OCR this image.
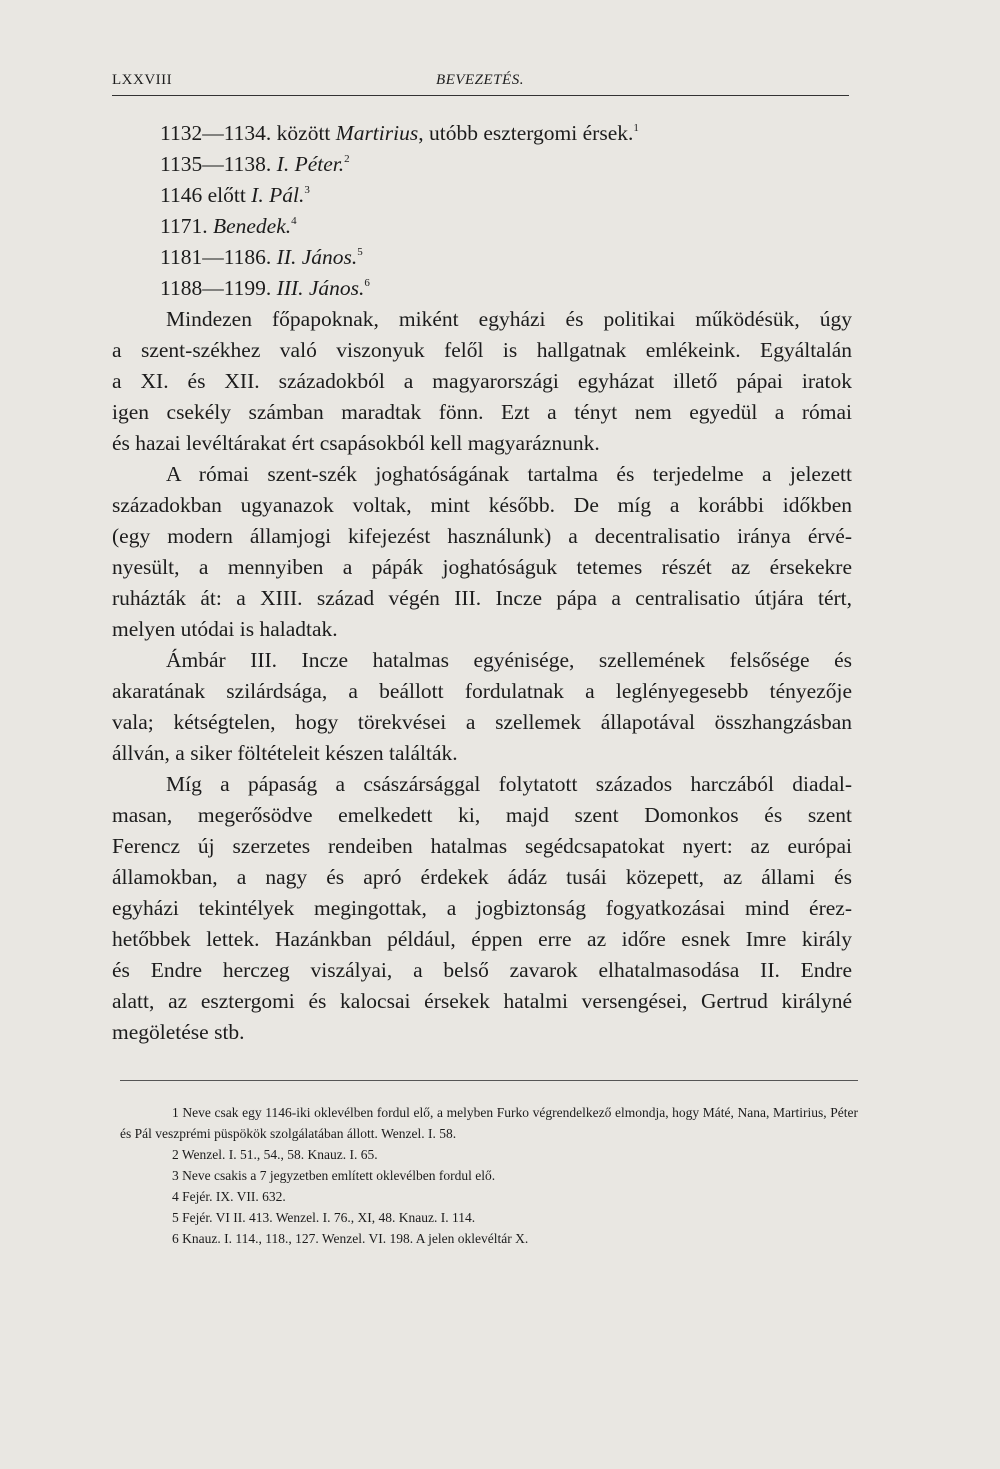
BEVEZETÉS.
LXXVIII
1132—1134. között Martirius, utóbb esztergomi érsek.$^1$
1135—1138. I. Péter.$^2$
1146 előtt I. Pál.$^3$
1171. Benedek.$^4$
1181—1186. II. János.$^5$
1188—1199. III. János.$^6$
Mindezen főpapoknak, miként egyházi és politikai működésük, úgy
a szent-székhez való viszonyuk felől is hallgatnak emlékeink. Egyáltalán
a XI. és XII. századokból a magyarországi egyházat illető pápai iratok
igen csekély számban maradtak fönn. Ezt a tényt nem egyedül a római
és hazai levéltárakat ért csapásokból kell magyaráznunk.
A római szent-szék joghatóságának tartalma és terjedelme a jelezett
századokban ugyanazok voltak, mint később. De míg a korábbi időkben
(egy modern államjogi kifejezést használunk) a decentralisatio iránya érvé-
nyesült, a mennyiben a pápák joghatóságuk tetemes részét az érsekekre
ruházták át: a XIII. század végén III. Incze pápa a centralisatio útjára tért,
melyen utódai is haladtak.
Ámbár III. Incze hatalmas egyénisége, szellemének felsősége és
akaratának szilárdsága, a beállott fordulatnak a leglényegesebb tényezője
vala; kétségtelen, hogy törekvései a szellemek állapotával összhangzásban
állván, a siker föltételeit készen találták.
Míg a pápaság a császársággal folytatott százados harczából diadal-
masan, megerősödve emelkedett ki, majd szent Domonkos és szent
Ferencz új szerzetes rendeiben hatalmas segédcsapatokat nyert: az európai
államokban, a nagy és apró érdekek ádáz tusái közepett, az állami és
egyházi tekintélyek megingottak, a jogbiztonság fogyatkozásai mind érez-
hetőbbek lettek. Hazánkban például, éppen erre az időre esnek Imre király
és Endre herczeg viszályai, a belső zavarok elhatalmasodása II. Endre
alatt, az esztergomi és kalocsai érsekek hatalmi versengései, Gertrud királyné
megöletése stb.
1 Neve csak egy 1146-iki oklevélben fordul elő, a melyben Furko végrendelkező elmondja, hogy Máté, Nana, Martirius, Péter és Pál veszprémi püspökök szolgálatában állott. Wenzel. I. 58.
2 Wenzel. I. 51., 54., 58. Knauz. I. 65.
3 Neve csakis a 7 jegyzetben említett oklevélben fordul elő.
4 Fejér. IX. VII. 632.
5 Fejér. VI II. 413. Wenzel. I. 76., XI, 48. Knauz. I. 114.
6 Knauz. I. 114., 118., 127. Wenzel. VI. 198. A jelen oklevéltár X.
